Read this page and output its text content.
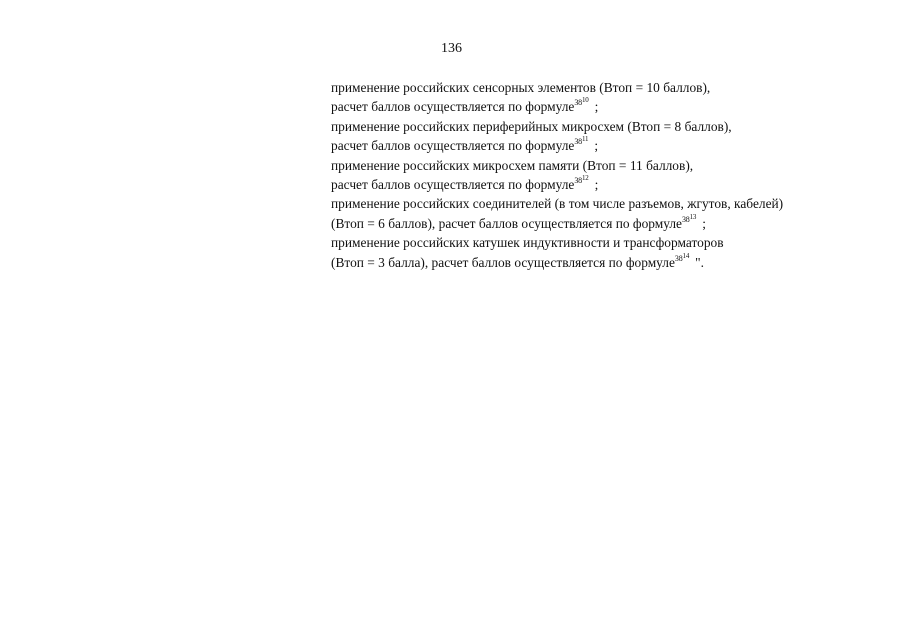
136
применение российских сенсорных элементов (Втоп = 10 баллов),
расчет баллов осуществляется по формуле$^{3810}$ ;
применение российских периферийных микросхем (Втоп = 8 баллов),
расчет баллов осуществляется по формуле$^{3811}$ ;
применение российских микросхем памяти (Втоп = 11 баллов),
расчет баллов осуществляется по формуле$^{3812}$ ;
применение российских соединителей (в том числе разъемов, жгутов, кабелей)
(Втоп = 6 баллов), расчет баллов осуществляется по формуле$^{3813}$ ;
применение российских катушек индуктивности и трансформаторов
(Втоп = 3 балла), расчет баллов осуществляется по формуле$^{3814}$ ".
